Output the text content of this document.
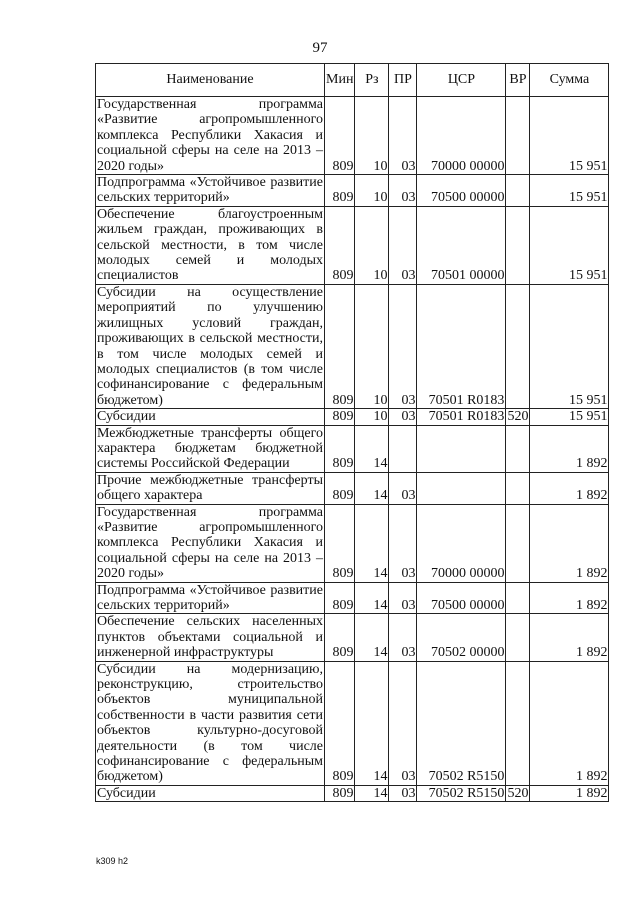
97
Наименование	Мин	Рз	ПР	ЦСР	ВР	Сумма
Государственная программа «Развитие агропромышленного комплекса Республики Хакасия и социальной сферы на селе на 2013 – 2020 годы»	809	10	03	70000 00000		15 951
Подпрограмма «Устойчивое развитие сельских территорий»	809	10	03	70500 00000		15 951
Обеспечение благоустроенным жильем граждан, проживающих в сельской местности, в том числе молодых семей и молодых специалистов	809	10	03	70501 00000		15 951
Субсидии на осуществление мероприятий по улучшению жилищных условий граждан, проживающих в сельской местности, в том числе молодых семей и молодых специалистов (в том числе софинансирование с федеральным бюджетом)	809	10	03	70501 R0183		15 951
Субсидии	809	10	03	70501 R0183	520	15 951
Межбюджетные трансферты общего характера бюджетам бюджетной системы Российской Федерации	809	14				1 892
Прочие межбюджетные трансферты общего характера	809	14	03			1 892
Государственная программа «Развитие агропромышленного комплекса Республики Хакасия и социальной сферы на селе на 2013 – 2020 годы»	809	14	03	70000 00000		1 892
Подпрограмма «Устойчивое развитие сельских территорий»	809	14	03	70500 00000		1 892
Обеспечение сельских населенных пунктов объектами социальной и инженерной инфраструктуры	809	14	03	70502 00000		1 892
Субсидии на модернизацию, реконструкцию, строительство объектов муниципальной собственности в части развития сети объектов культурно-досуговой деятельности (в том числе софинансирование с федеральным бюджетом)	809	14	03	70502 R5150		1 892
Субсидии	809	14	03	70502 R5150	520	1 892
k309 h2
